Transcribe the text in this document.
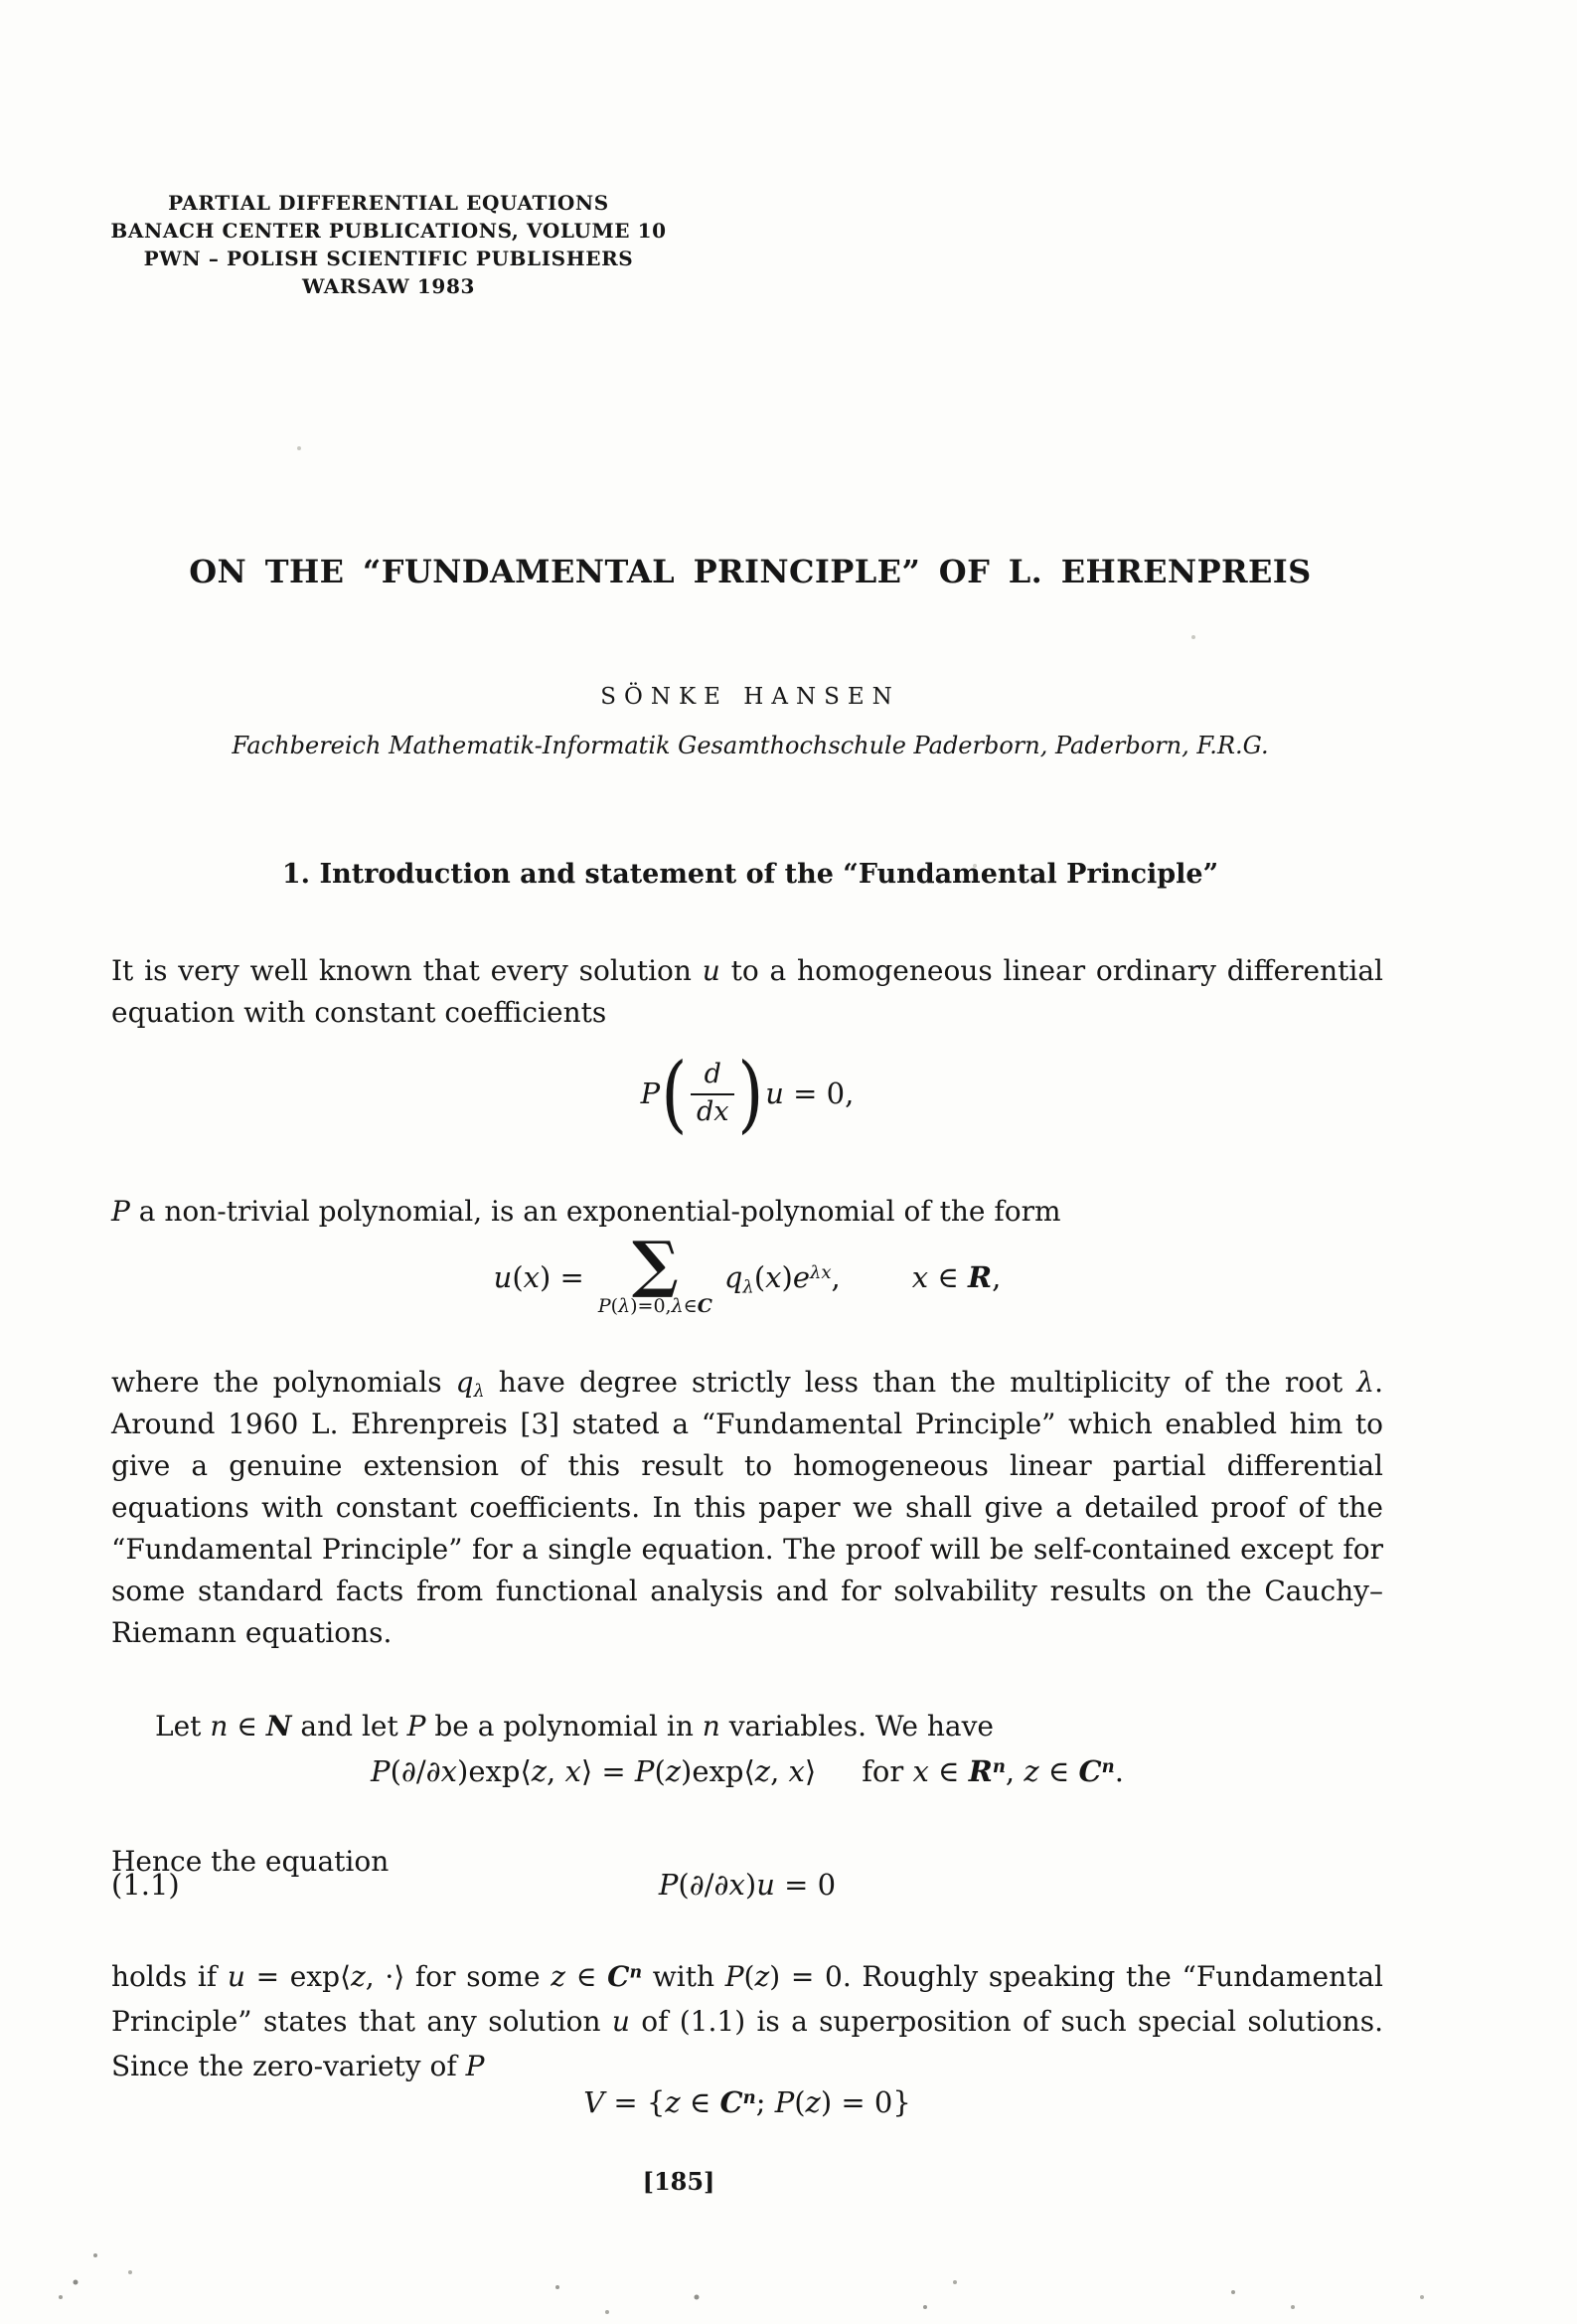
PARTIAL DIFFERENTIAL EQUATIONS
BANACH CENTER PUBLICATIONS, VOLUME 10
PWN – POLISH SCIENTIFIC PUBLISHERS
WARSAW 1983
ON THE “FUNDAMENTAL PRINCIPLE” OF L. EHRENPREIS
SÖNKE HANSEN
Fachbereich Mathematik-Informatik Gesamthochschule Paderborn, Paderborn, F.R.G.
1. Introduction and statement of the “Fundamental Principle”

It is very well known that every solution u to a homogeneous linear ordinary differential equation with constant coefficients

P ( $\frac{d}{dx}$ ) u = 0,

P a non-trivial polynomial, is an exponential-polynomial of the form

u(x) = ∑
P(λ)=0,λ∈C
$q_\lambda(x)e^{\lambda x}$, x ∈ R,

where the polynomials $q_\lambda$ have degree strictly less than the multiplicity of the root λ. Around 1960 L. Ehrenpreis [3] stated a “Fundamental Principle” which enabled him to give a genuine extension of this result to homogeneous linear partial differential equations with constant coefficients. In this paper we shall give a detailed proof of the “Fundamental Principle” for a single equation. The proof will be self-contained except for some standard facts from functional analysis and for solvability results on the Cauchy–Riemann equations.

Let n ∈ N and let P be a polynomial in n variables. We have

P(∂/∂x)exp⟨z, x⟩ = P(z)exp⟨z, x⟩ for x ∈ $R^n$, z ∈ $C^n$.

Hence the equation

(1.1)	P(∂/∂x)u = 0

holds if u = exp⟨z, ·⟩ for some z ∈ $C^n$ with P(z) = 0. Roughly speaking the “Fundamental Principle” states that any solution u of (1.1) is a superposition of such special solutions. Since the zero-variety of P

V = {z ∈ $C^n$; P(z) = 0}
[185]
